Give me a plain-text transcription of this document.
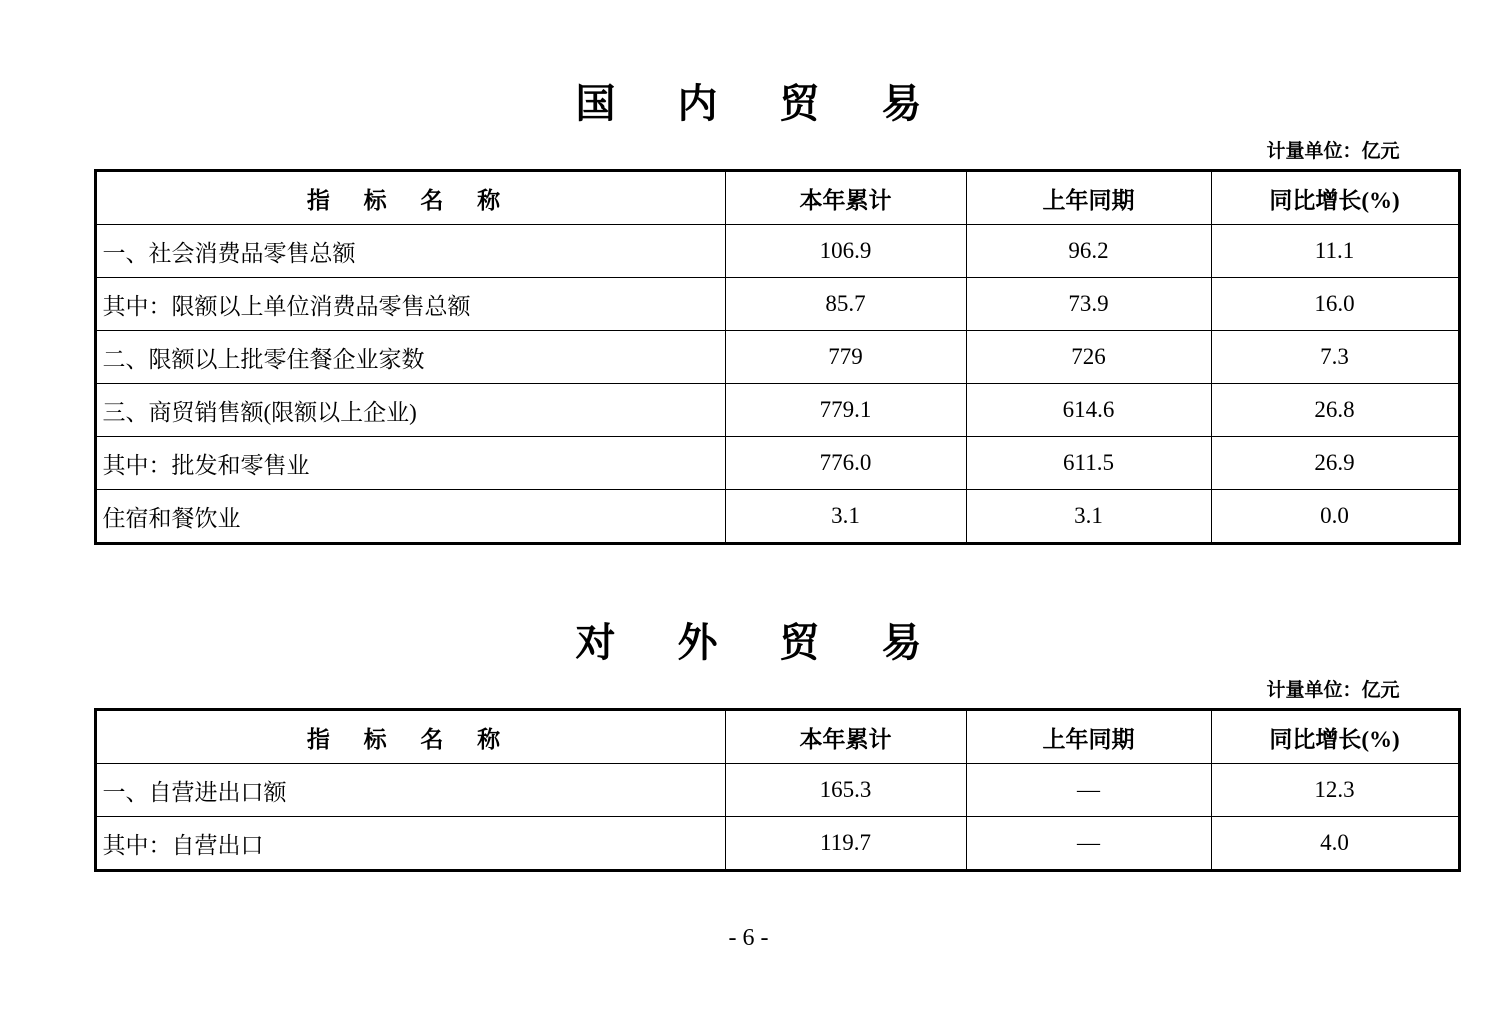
国 内 贸 易
计量单位：亿元
指 标 名 称	本年累计	上年同期	同比增长(%)
一、社会消费品零售总额	106.9	96.2	11.1
其中：限额以上单位消费品零售总额	85.7	73.9	16.0
二、限额以上批零住餐企业家数	779	726	7.3
三、商贸销售额(限额以上企业)	779.1	614.6	26.8
其中：批发和零售业	776.0	611.5	26.9
住宿和餐饮业	3.1	3.1	0.0
对 外 贸 易
计量单位：亿元
指 标 名 称	本年累计	上年同期	同比增长(%)
一、自营进出口额	165.3	—	12.3
其中：自营出口	119.7	—	4.0
- 6 -
